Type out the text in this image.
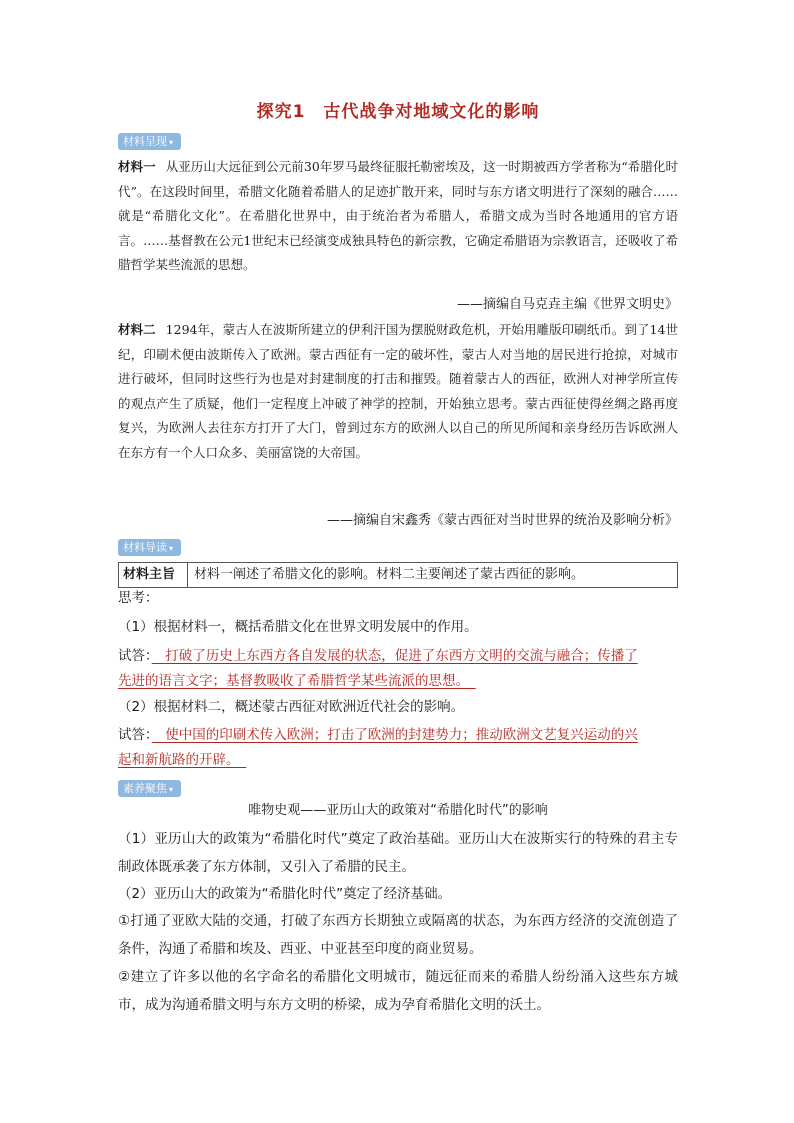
探究1　古代战争对地域文化的影响
材料呈现 ▾
材料一 从亚历山大远征到公元前30年罗马最终征服托勒密埃及，这一时期被西方学者称为“希腊化时代”。在这段时间里，希腊文化随着希腊人的足迹扩散开来，同时与东方诸文明进行了深刻的融合……就是“希腊化文化”。在希腊化世界中，由于统治者为希腊人，希腊文成为当时各地通用的官方语言。……基督教在公元1世纪末已经演变成独具特色的新宗教，它确定希腊语为宗教语言，还吸收了希腊哲学某些流派的思想。
——摘编自马克垚主编《世界文明史》
材料二 1294年，蒙古人在波斯所建立的伊利汗国为摆脱财政危机，开始用雕版印刷纸币。到了14世纪，印刷术便由波斯传入了欧洲。蒙古西征有一定的破坏性，蒙古人对当地的居民进行抢掠，对城市进行破坏，但同时这些行为也是对封建制度的打击和摧毁。随着蒙古人的西征，欧洲人对神学所宣传的观点产生了质疑，他们一定程度上冲破了神学的控制，开始独立思考。蒙古西征使得丝绸之路再度复兴，为欧洲人去往东方打开了大门，曾到过东方的欧洲人以自己的所见所闻和亲身经历告诉欧洲人在东方有一个人口众多、美丽富饶的大帝国。
——摘编自宋鑫秀《蒙古西征对当时世界的统治及影响分析》
材料导读 ▾
材料主旨	材料一阐述了希腊文化的影响。材料二主要阐述了蒙古西征的影响。
思考：
（1）根据材料一，概括希腊文化在世界文明发展中的作用。
试答：　打破了历史上东西方各自发展的状态，促进了东西方文明的交流与融合；传播了
先进的语言文字；基督教吸收了希腊哲学某些流派的思想。　
（2）根据材料二，概述蒙古西征对欧洲近代社会的影响。
试答：　使中国的印刷术传入欧洲；打击了欧洲的封建势力；推动欧洲文艺复兴运动的兴
起和新航路的开辟。　
素养聚焦 ▾
唯物史观——亚历山大的政策对“希腊化时代”的影响
（1）亚历山大的政策为“希腊化时代”奠定了政治基础。亚历山大在波斯实行的特殊的君主专制政体既承袭了东方体制，又引入了希腊的民主。
（2）亚历山大的政策为“希腊化时代”奠定了经济基础。
①打通了亚欧大陆的交通，打破了东西方长期独立或隔离的状态，为东西方经济的交流创造了条件，沟通了希腊和埃及、西亚、中亚甚至印度的商业贸易。
②建立了许多以他的名字命名的希腊化文明城市，随远征而来的希腊人纷纷涌入这些东方城市，成为沟通希腊文明与东方文明的桥梁，成为孕育希腊化文明的沃土。
